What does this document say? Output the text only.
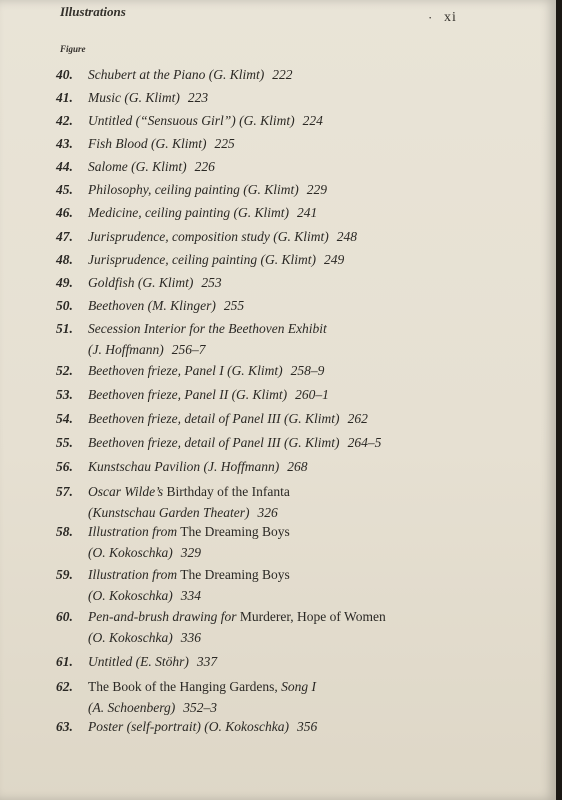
Illustrations	· xi
Figure
40.	Schubert at the Piano (G. Klimt) 222
41.	Music (G. Klimt) 223
42.	Untitled (“Sensuous Girl”) (G. Klimt) 224
43.	Fish Blood (G. Klimt) 225
44.	Salome (G. Klimt) 226
45.	Philosophy, ceiling painting (G. Klimt) 229
46.	Medicine, ceiling painting (G. Klimt) 241
47.	Jurisprudence, composition study (G. Klimt) 248
48.	Jurisprudence, ceiling painting (G. Klimt) 249
49.	Goldfish (G. Klimt) 253
50.	Beethoven (M. Klinger) 255
51.	Secession Interior for the Beethoven Exhibit
(J. Hoffmann) 256–7
52.	Beethoven frieze, Panel I (G. Klimt) 258–9
53.	Beethoven frieze, Panel II (G. Klimt) 260–1
54.	Beethoven frieze, detail of Panel III (G. Klimt) 262
55.	Beethoven frieze, detail of Panel III (G. Klimt) 264–5
56.	Kunstschau Pavilion (J. Hoffmann) 268
57.	Oscar Wilde’s Birthday of the Infanta
(Kunstschau Garden Theater) 326
58.	Illustration from The Dreaming Boys
(O. Kokoschka) 329
59.	Illustration from The Dreaming Boys
(O. Kokoschka) 334
60.	Pen-and-brush drawing for Murderer, Hope of Women
(O. Kokoschka) 336
61.	Untitled (E. Stöhr) 337
62.	The Book of the Hanging Gardens, Song I
(A. Schoenberg) 352–3
63.	Poster (self-portrait) (O. Kokoschka) 356
